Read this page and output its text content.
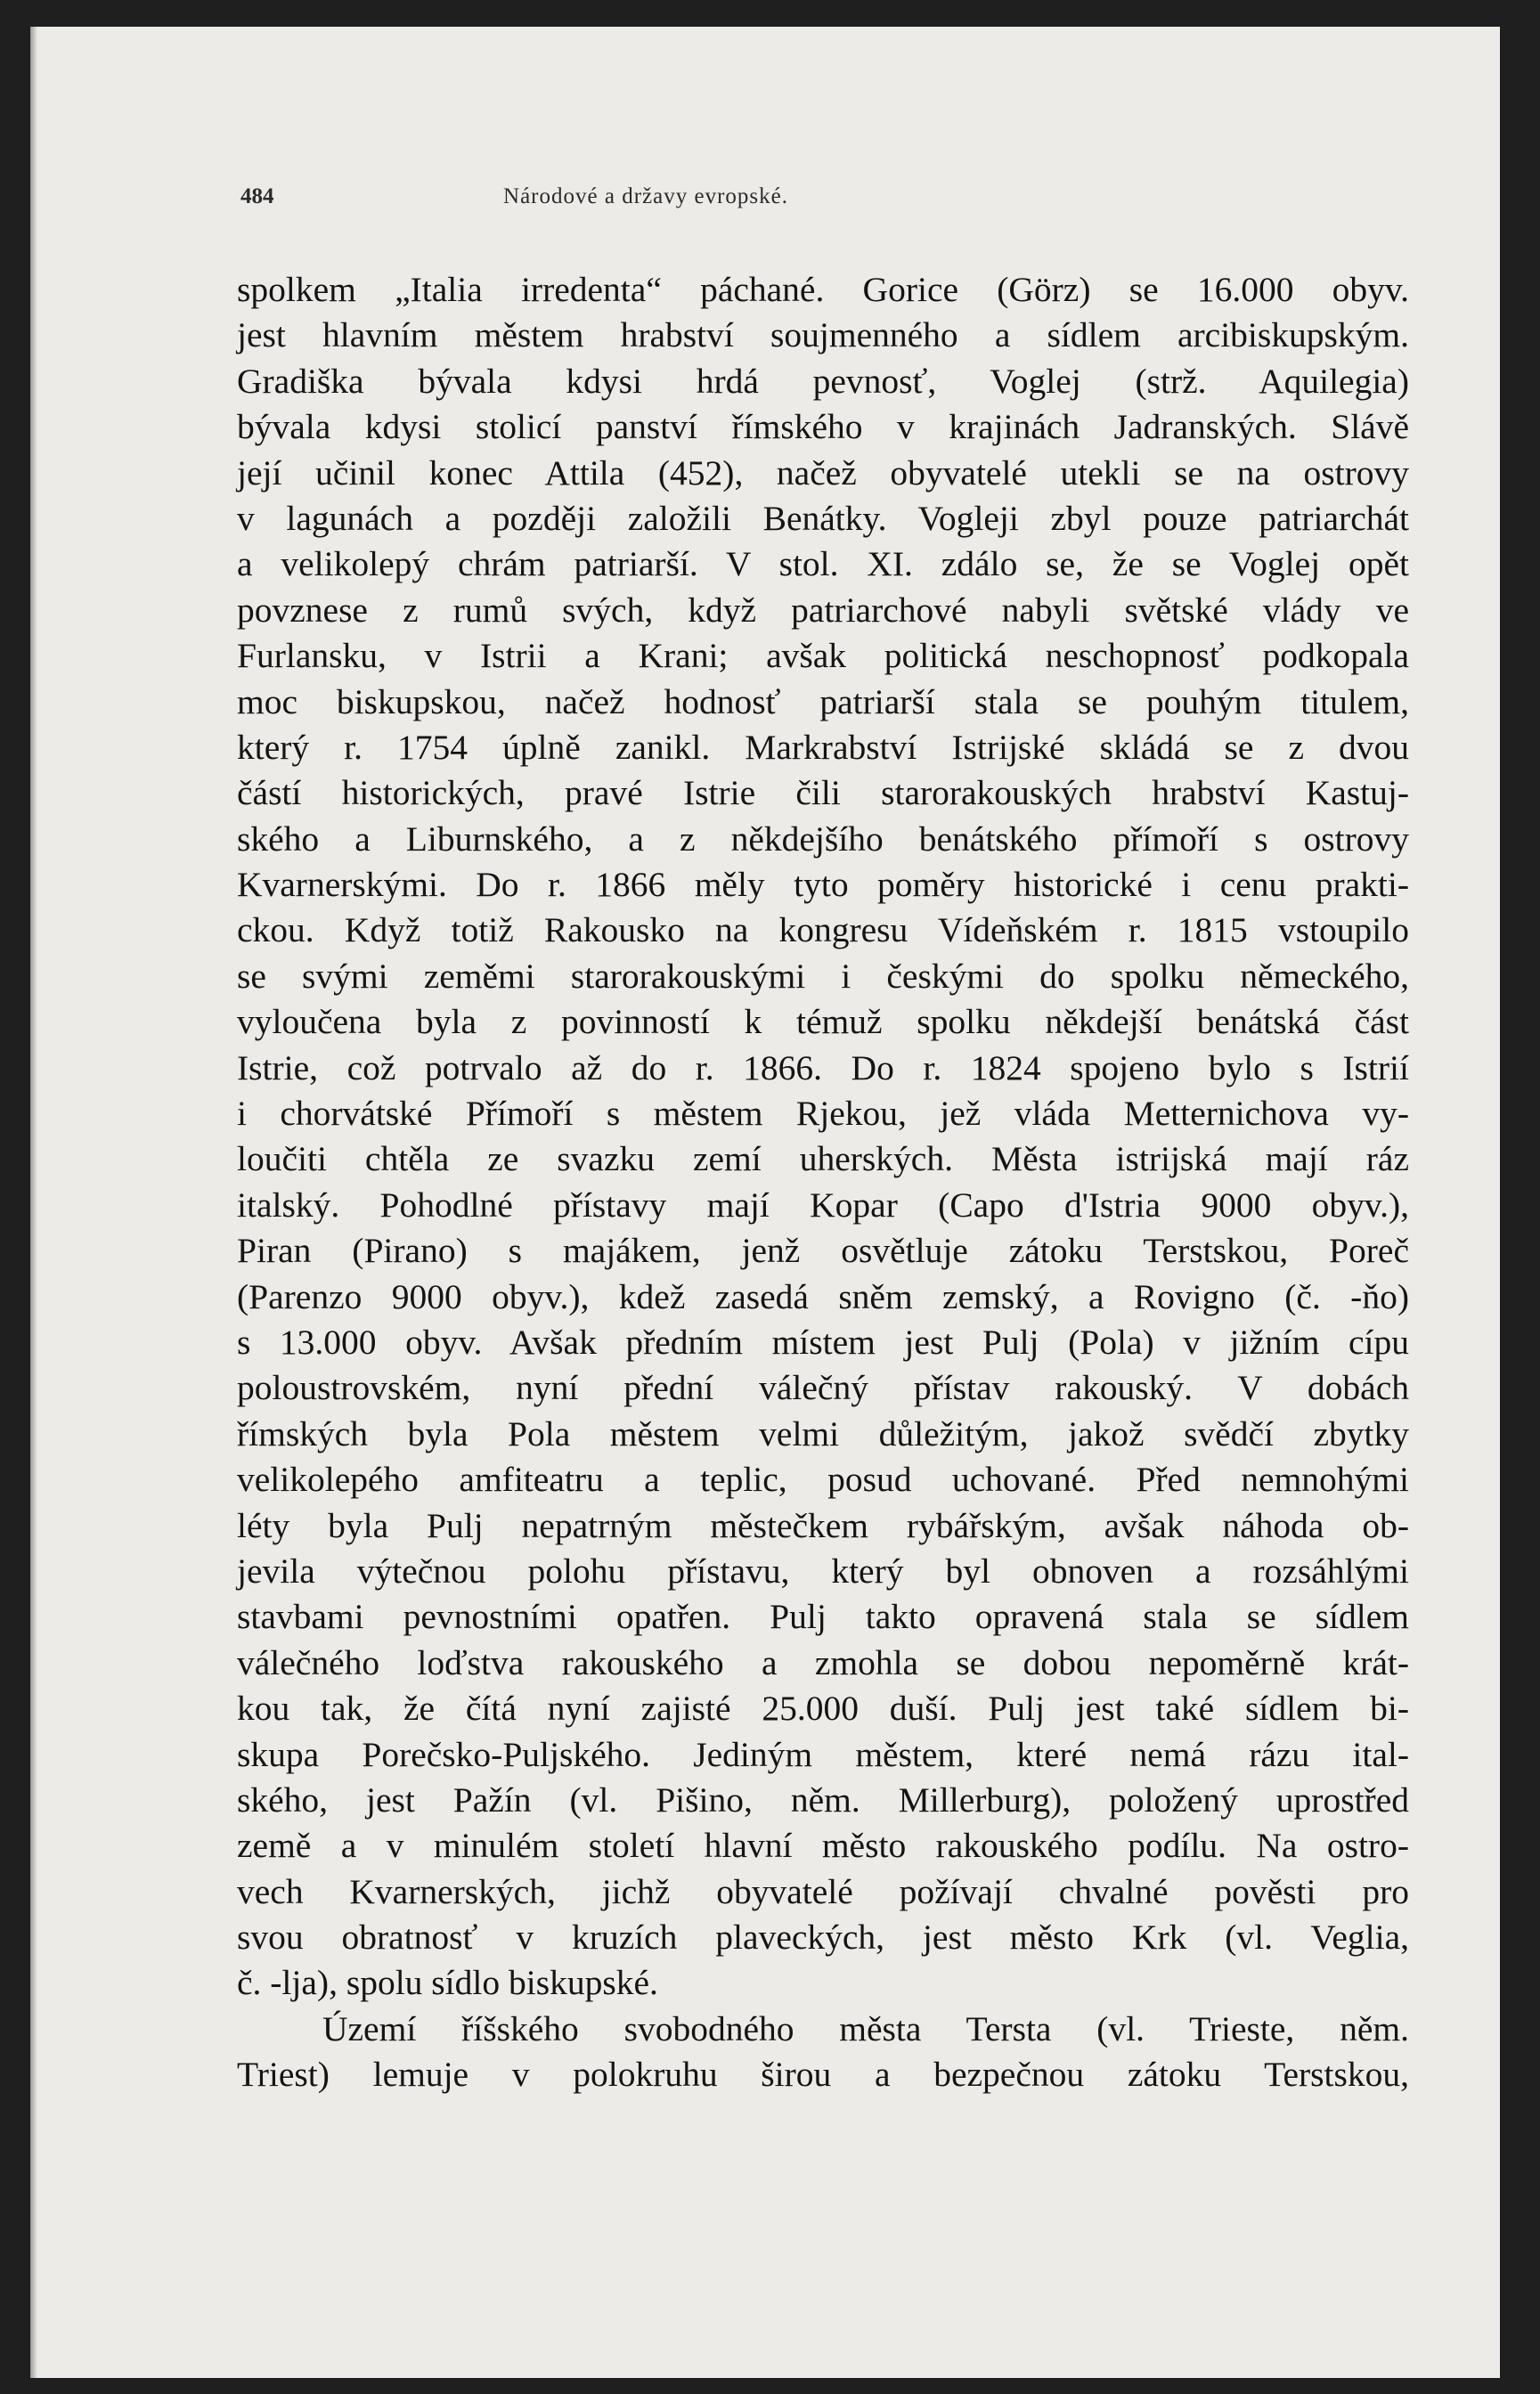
484	Národové a državy evropské.
spolkem „Italia irredenta“ páchané. Gorice (Görz) se 16.000 obyv.
jest hlavním městem hrabství soujmenného a sídlem arcibiskupským.
Gradiška bývala kdysi hrdá pevnosť, Voglej (strž. Aquilegia)
bývala kdysi stolicí panství římského v krajinách Jadranských. Slávě
její učinil konec Attila (452), načež obyvatelé utekli se na ostrovy
v lagunách a později založili Benátky. Vogleji zbyl pouze patriarchát
a velikolepý chrám patriarší. V stol. XI. zdálo se, že se Voglej opět
povznese z rumů svých, když patriarchové nabyli světské vlády ve
Furlansku, v Istrii a Krani; avšak politická neschopnosť podkopala
moc biskupskou, načež hodnosť patriarší stala se pouhým titulem,
který r. 1754 úplně zanikl. Markrabství Istrijské skládá se z dvou
částí historických, pravé Istrie čili starorakouských hrabství Kastuj-
ského a Liburnského, a z někdejšího benátského přímoří s ostrovy
Kvarnerskými. Do r. 1866 měly tyto poměry historické i cenu prakti-
ckou. Když totiž Rakousko na kongresu Vídeňském r. 1815 vstoupilo
se svými zeměmi starorakouskými i českými do spolku německého,
vyloučena byla z povinností k témuž spolku někdejší benátská část
Istrie, což potrvalo až do r. 1866. Do r. 1824 spojeno bylo s Istrií
i chorvátské Přímoří s městem Rjekou, jež vláda Metternichova vy-
loučiti chtěla ze svazku zemí uherských. Města istrijská mají ráz
italský. Pohodlné přístavy mají Kopar (Capo d'Istria 9000 obyv.),
Piran (Pirano) s majákem, jenž osvětluje zátoku Terstskou, Poreč
(Parenzo 9000 obyv.), kdež zasedá sněm zemský, a Rovigno (č. -ňo)
s 13.000 obyv. Avšak předním místem jest Pulj (Pola) v jižním cípu
poloustrovském, nyní přední válečný přístav rakouský. V dobách
římských byla Pola městem velmi důležitým, jakož svědčí zbytky
velikolepého amfiteatru a teplic, posud uchované. Před nemnohými
léty byla Pulj nepatrným městečkem rybářským, avšak náhoda ob-
jevila výtečnou polohu přístavu, který byl obnoven a rozsáhlými
stavbami pevnostními opatřen. Pulj takto opravená stala se sídlem
válečného loďstva rakouského a zmohla se dobou nepoměrně krát-
kou tak, že čítá nyní zajisté 25.000 duší. Pulj jest také sídlem bi-
skupa Porečsko-Puljského. Jediným městem, které nemá rázu ital-
ského, jest Pažín (vl. Pišino, něm. Millerburg), položený uprostřed
země a v minulém století hlavní město rakouského podílu. Na ostro-
vech Kvarnerských, jichž obyvatelé požívají chvalné pověsti pro
svou obratnosť v kruzích plaveckých, jest město Krk (vl. Veglia,
č. -lja), spolu sídlo biskupské.
Území říšského svobodného města Tersta (vl. Trieste, něm.
Triest) lemuje v polokruhu širou a bezpečnou zátoku Terstskou,
